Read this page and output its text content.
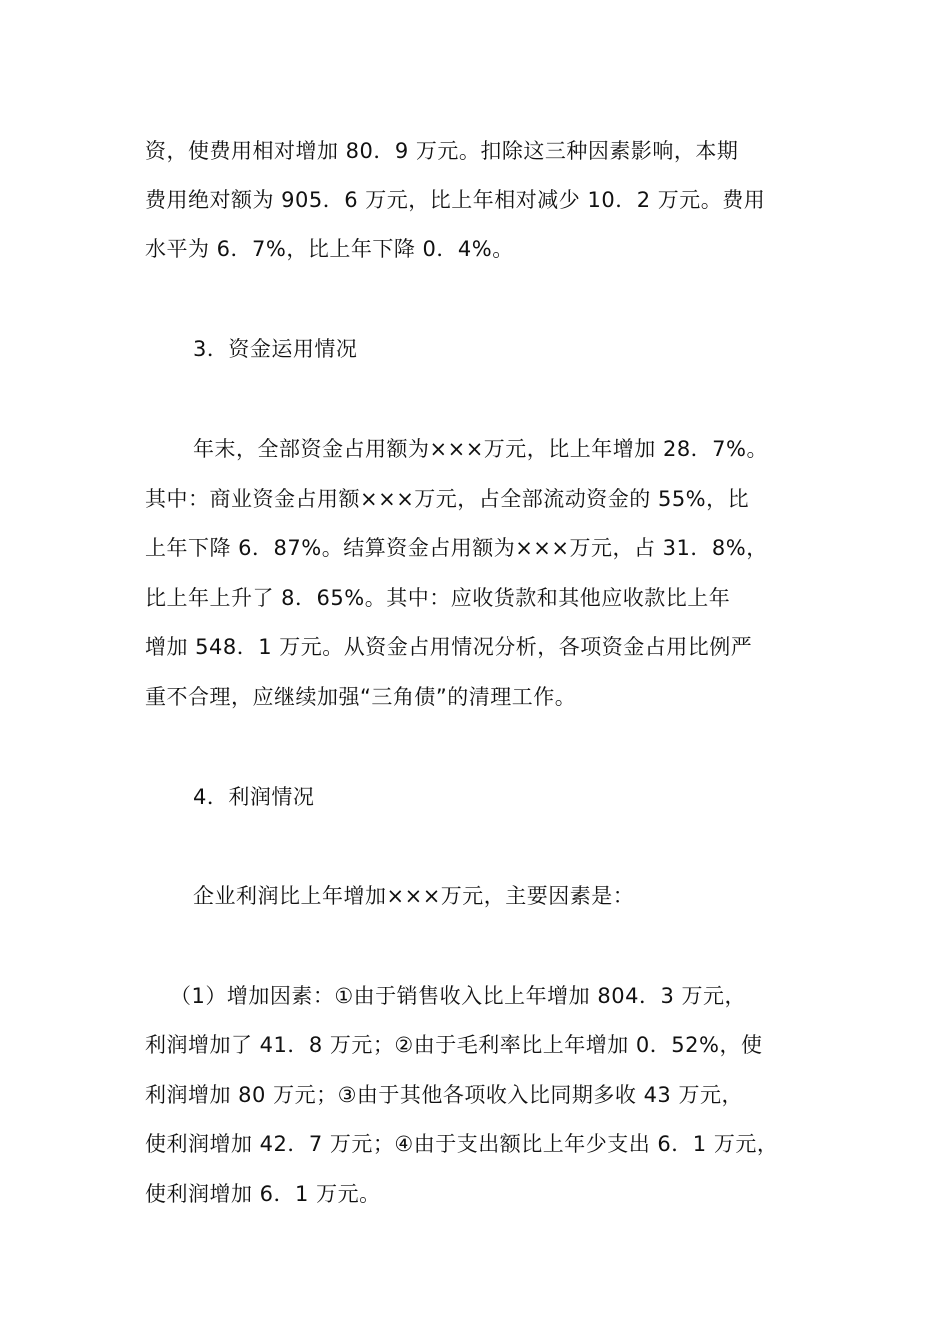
资，使费用相对增加 80．9 万元。扣除这三种因素影响，本期
费用绝对额为 905．6 万元，比上年相对减少 10．2 万元。费用
水平为 6．7%，比上年下降 0．4%。
3．资金运用情况
年末，全部资金占用额为×××万元，比上年增加 28．7%。
其中：商业资金占用额×××万元，占全部流动资金的 55%，比
上年下降 6．87%。结算资金占用额为×××万元，占 31．8%，
比上年上升了 8．65%。其中：应收货款和其他应收款比上年
增加 548．1 万元。从资金占用情况分析，各项资金占用比例严
重不合理，应继续加强“三角债”的清理工作。
4．利润情况
企业利润比上年增加×××万元，主要因素是：
（1）增加因素：①由于销售收入比上年增加 804．3 万元，
利润增加了 41．8 万元；②由于毛利率比上年增加 0．52%，使
利润增加 80 万元；③由于其他各项收入比同期多收 43 万元，
使利润增加 42．7 万元；④由于支出额比上年少支出 6．1 万元，
使利润增加 6．1 万元。
